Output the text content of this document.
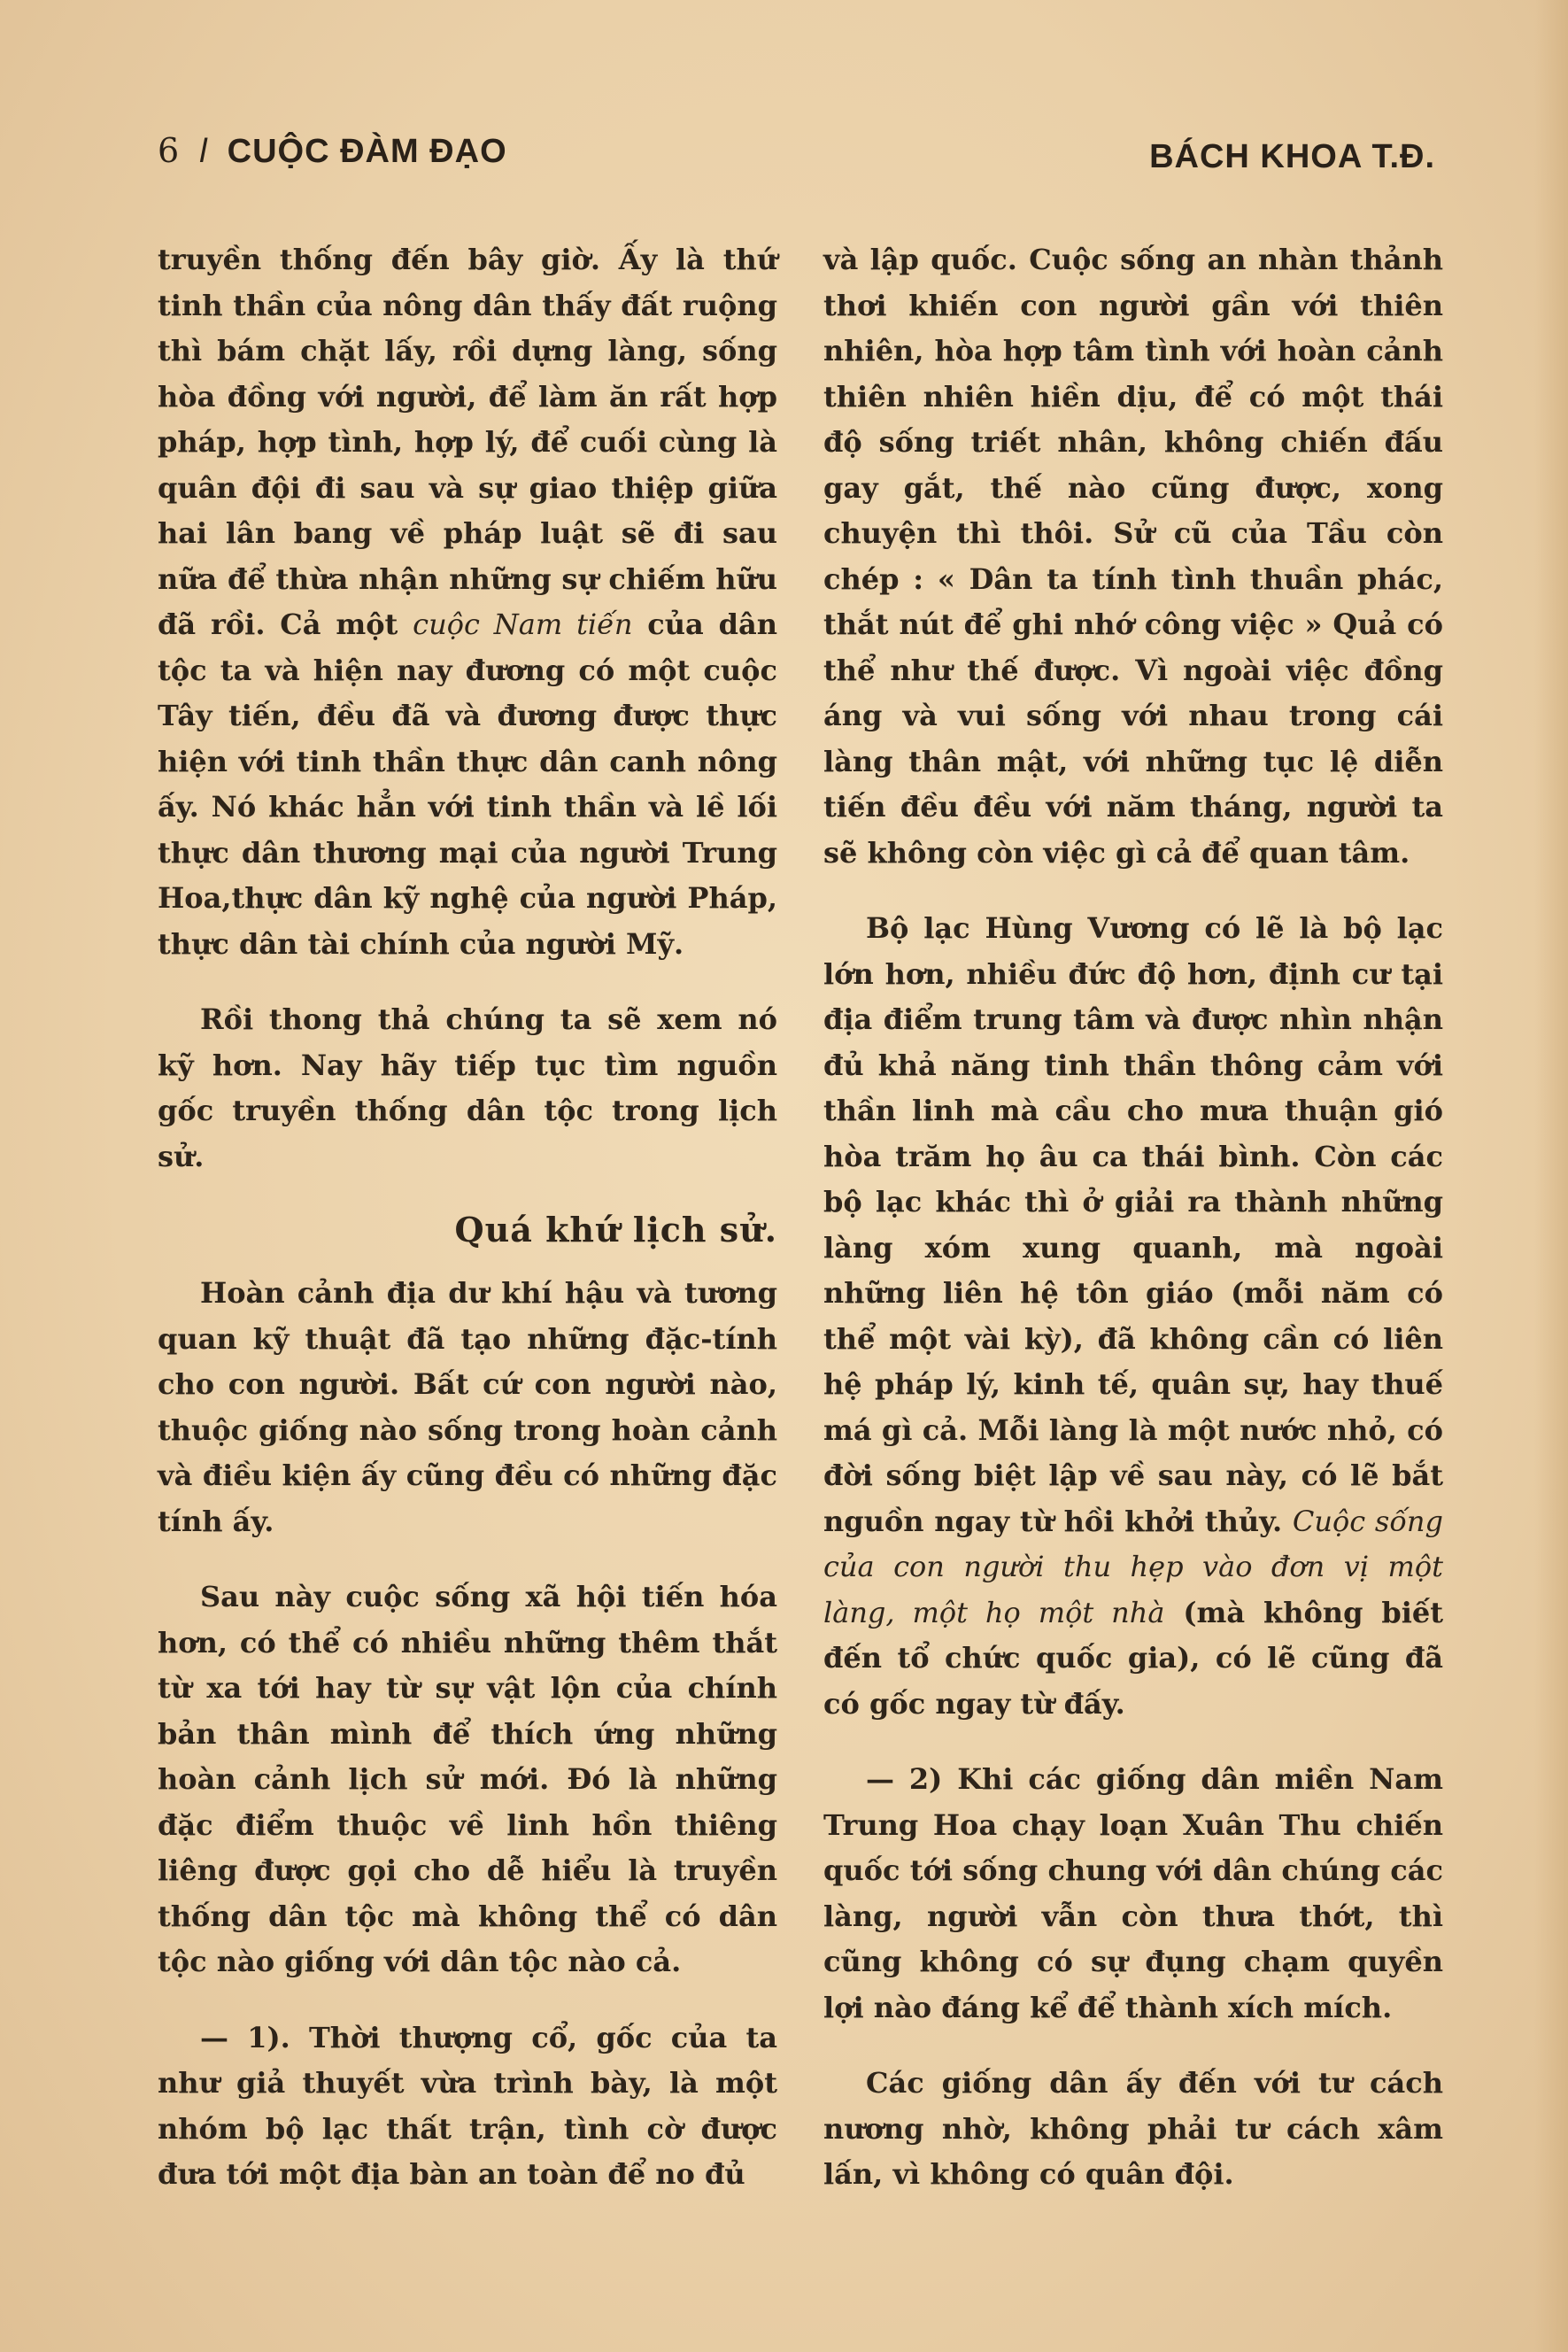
6 l CUỘC ĐÀM ĐẠO	BÁCH KHOA T.Đ.

truyền thống đến bây giờ. Ấy là thứ tinh thần của nông dân thấy đất ruộng thì bám chặt lấy, rồi dựng làng, sống hòa đồng với người, để làm ăn rất hợp pháp, hợp tình, hợp lý, để cuối cùng là quân đội đi sau và sự giao thiệp giữa hai lân bang về pháp luật sẽ đi sau nữa để thừa nhận những sự chiếm hữu đã rồi. Cả một cuộc Nam tiến của dân tộc ta và hiện nay đương có một cuộc Tây tiến, đều đã và đương được thực hiện với tinh thần thực dân canh nông ấy. Nó khác hẳn với tinh thần và lề lối thực dân thương mại của người Trung Hoa,thực dân kỹ nghệ của người Pháp, thực dân tài chính của người Mỹ.

Rồi thong thả chúng ta sẽ xem nó kỹ hơn. Nay hãy tiếp tục tìm nguồn gốc truyền thống dân tộc trong lịch sử.

Quá khứ lịch sử.

Hoàn cảnh địa dư khí hậu và tương quan kỹ thuật đã tạo những đặc-tính cho con người. Bất cứ con người nào, thuộc giống nào sống trong hoàn cảnh và điều kiện ấy cũng đều có những đặc tính ấy.

Sau này cuộc sống xã hội tiến hóa hơn, có thể có nhiều những thêm thắt từ xa tới hay từ sự vật lộn của chính bản thân mình để thích ứng những hoàn cảnh lịch sử mới. Đó là những đặc điểm thuộc về linh hồn thiêng liêng được gọi cho dễ hiểu là truyền thống dân tộc mà không thể có dân tộc nào giống với dân tộc nào cả.

— 1). Thời thượng cổ, gốc của ta như giả thuyết vừa trình bày, là một nhóm bộ lạc thất trận, tình cờ được đưa tới một địa bàn an toàn để no đủ

và lập quốc. Cuộc sống an nhàn thảnh thơi khiến con người gần với thiên nhiên, hòa hợp tâm tình với hoàn cảnh thiên nhiên hiền dịu, để có một thái độ sống triết nhân, không chiến đấu gay gắt, thế nào cũng được, xong chuyện thì thôi. Sử cũ của Tầu còn chép : « Dân ta tính tình thuần phác, thắt nút để ghi nhớ công việc » Quả có thể như thế được. Vì ngoài việc đồng áng và vui sống với nhau trong cái làng thân mật, với những tục lệ diễn tiến đều đều với năm tháng, người ta sẽ không còn việc gì cả để quan tâm.

Bộ lạc Hùng Vương có lẽ là bộ lạc lớn hơn, nhiều đức độ hơn, định cư tại địa điểm trung tâm và được nhìn nhận đủ khả năng tinh thần thông cảm với thần linh mà cầu cho mưa thuận gió hòa trăm họ âu ca thái bình. Còn các bộ lạc khác thì ở giải ra thành những làng xóm xung quanh, mà ngoài những liên hệ tôn giáo (mỗi năm có thể một vài kỳ), đã không cần có liên hệ pháp lý, kinh tế, quân sự, hay thuế má gì cả. Mỗi làng là một nước nhỏ, có đời sống biệt lập về sau này, có lẽ bắt nguồn ngay từ hồi khởi thủy. Cuộc sống của con người thu hẹp vào đơn vị một làng, một họ một nhà (mà không biết đến tổ chức quốc gia), có lẽ cũng đã có gốc ngay từ đấy.

— 2) Khi các giống dân miền Nam Trung Hoa chạy loạn Xuân Thu chiến quốc tới sống chung với dân chúng các làng, người vẫn còn thưa thớt, thì cũng không có sự đụng chạm quyền lợi nào đáng kể để thành xích mích.

Các giống dân ấy đến với tư cách nương nhờ, không phải tư cách xâm lấn, vì không có quân đội.
